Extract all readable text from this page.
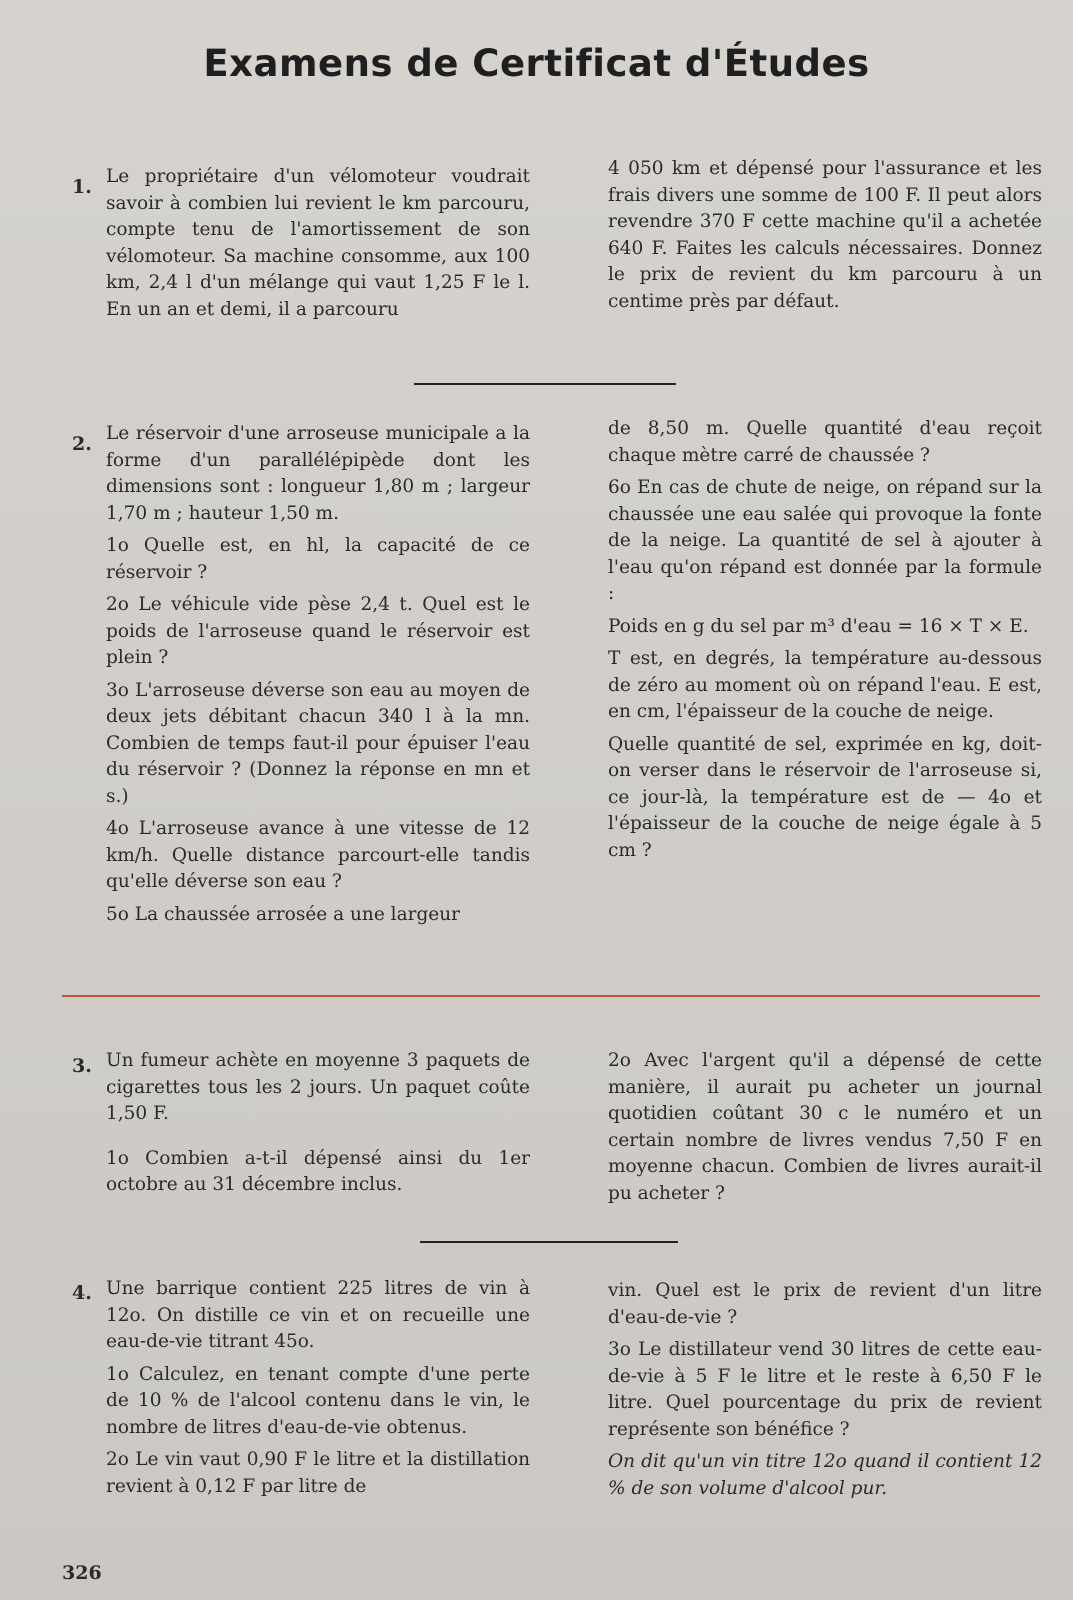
Examens de Certificat d'Études
1. Le propriétaire d'un vélomoteur voudrait savoir à combien lui revient le km parcouru, compte tenu de l'amortissement de son vélomoteur. Sa machine consomme, aux 100 km, 2,4 l d'un mélange qui vaut 1,25 F le l. En un an et demi, il a parcouru

4 050 km et dépensé pour l'assurance et les frais divers une somme de 100 F. Il peut alors revendre 370 F cette machine qu'il a achetée 640 F. Faites les calculs nécessaires. Donnez le prix de revient du km parcouru à un centime près par défaut.

2. Le réservoir d'une arroseuse municipale a la forme d'un parallélépipède dont les dimensions sont : longueur 1,80 m ; largeur 1,70 m ; hauteur 1,50 m.

1o Quelle est, en hl, la capacité de ce réservoir ?

2o Le véhicule vide pèse 2,4 t. Quel est le poids de l'arroseuse quand le réservoir est plein ?

3o L'arroseuse déverse son eau au moyen de deux jets débitant chacun 340 l à la mn. Combien de temps faut-il pour épuiser l'eau du réservoir ? (Donnez la réponse en mn et s.)

4o L'arroseuse avance à une vitesse de 12 km/h. Quelle distance parcourt-elle tandis qu'elle déverse son eau ?

5o La chaussée arrosée a une largeur

de 8,50 m. Quelle quantité d'eau reçoit chaque mètre carré de chaussée ?

6o En cas de chute de neige, on répand sur la chaussée une eau salée qui provoque la fonte de la neige. La quantité de sel à ajouter à l'eau qu'on répand est donnée par la formule :

Poids en g du sel par m³ d'eau = 16 × T × E.

T est, en degrés, la température au-dessous de zéro au moment où on répand l'eau. E est, en cm, l'épaisseur de la couche de neige.

Quelle quantité de sel, exprimée en kg, doit-on verser dans le réservoir de l'arroseuse si, ce jour-là, la température est de — 4o et l'épaisseur de la couche de neige égale à 5 cm ?

3. Un fumeur achète en moyenne 3 paquets de cigarettes tous les 2 jours. Un paquet coûte 1,50 F.

1o Combien a-t-il dépensé ainsi du 1er octobre au 31 décembre inclus.

2o Avec l'argent qu'il a dépensé de cette manière, il aurait pu acheter un journal quotidien coûtant 30 c le numéro et un certain nombre de livres vendus 7,50 F en moyenne chacun. Combien de livres aurait-il pu acheter ?

4. Une barrique contient 225 litres de vin à 12o. On distille ce vin et on recueille une eau-de-vie titrant 45o.

1o Calculez, en tenant compte d'une perte de 10 % de l'alcool contenu dans le vin, le nombre de litres d'eau-de-vie obtenus.

2o Le vin vaut 0,90 F le litre et la distillation revient à 0,12 F par litre de

vin. Quel est le prix de revient d'un litre d'eau-de-vie ?

3o Le distillateur vend 30 litres de cette eau-de-vie à 5 F le litre et le reste à 6,50 F le litre. Quel pourcentage du prix de revient représente son bénéfice ?

On dit qu'un vin titre 12o quand il contient 12 % de son volume d'alcool pur.

326
